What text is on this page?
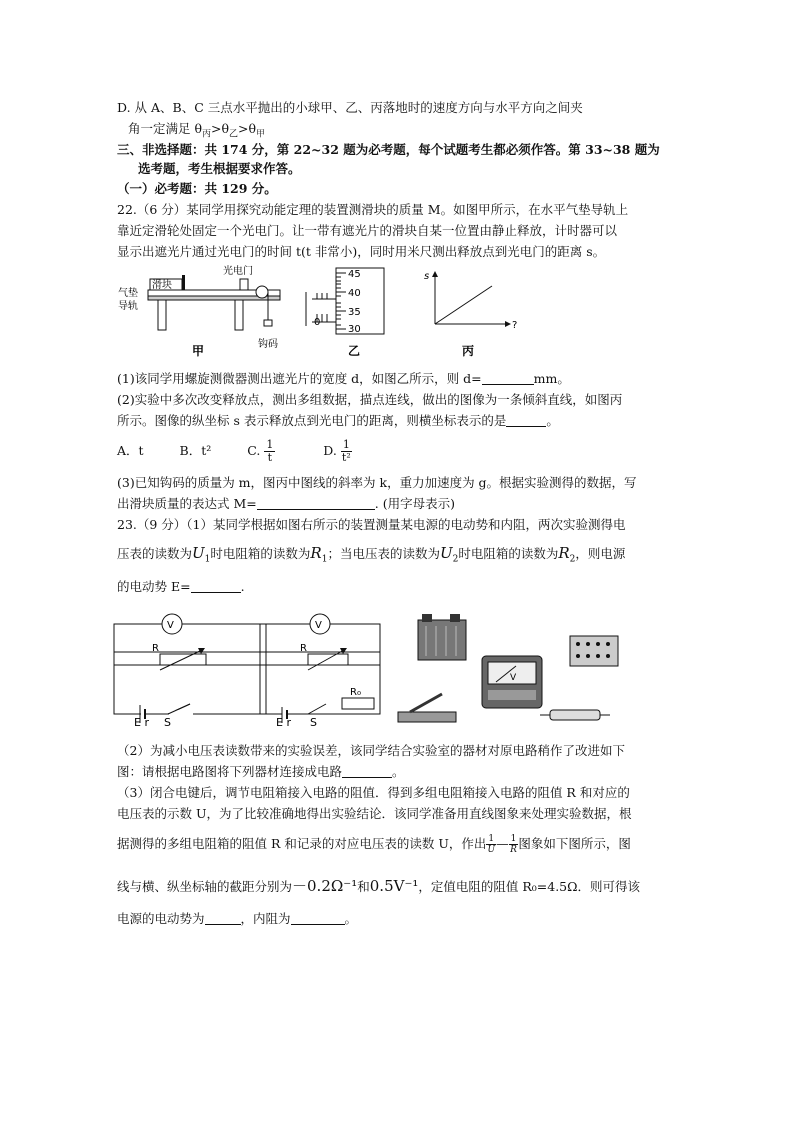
D. 从 A、B、C 三点水平抛出的小球甲、乙、丙落地时的速度方向与水平方向之间夹
角一定满足 $\theta_丙>\theta_乙>\theta_甲$
三、非选择题：共 174 分，第 22~32 题为必考题，每个试题考生都必须作答。第 33~38 题为
选考题，考生根据要求作答。
（一）必考题：共 129 分。
22.（6 分）某同学用探究动能定理的装置测滑块的质量 M。如图甲所示，在水平气垫导轨上
靠近定滑轮处固定一个光电门。让一带有遮光片的滑块自某一位置由静止释放，计时器可以
显示出遮光片通过光电门的时间 t(t 非常小)，同时用米尺测出释放点到光电门的距离 s。
滑块
光电门
气垫
导轨
钩码
甲
0
45
40
35
30
乙
s
?
丙
(1)该同学用螺旋测微器测出遮光片的宽度 d，如图乙所示，则 d=	mm。
(2)实验中多次改变释放点，测出多组数据，描点连线，做出的图像为一条倾斜直线，如图丙
所示。图像的纵坐标 s 表示释放点到光电门的距离，则横坐标表示的是	。
A．t	B．t²	C. $\frac{1}{t}$	D. $\frac{1}{\text{t²}}$
(3)已知钩码的质量为 m，图丙中图线的斜率为 k，重力加速度为 g。根据实验测得的数据，写
出滑块质量的表达式 M=	. (用字母表示)
23.（9 分）（1）某同学根据如图右所示的装置测量某电源的电动势和内阻，两次实验测得电
压表的读数为$U_1$时电阻箱的读数为$R_1$；当电压表的读数为$U_2$时电阻箱的读数为$R_2$，则电源
的电动势 E=	.
V
R
E r S
V
R
R₀
E r S
V
（2）为减小电压表读数带来的实验误差，该同学结合实验室的器材对原电路稍作了改进如下
图：请根据电路图将下列器材连接成电路	。
（3）闭合电键后，调节电阻箱接入电路的阻值．得到多组电阻箱接入电路的阻值 R 和对应的
电压表的示数 U，为了比较准确地得出实验结论．该同学准备用直线图象来处理实验数据，根
据测得的多组电阻箱的阻值 R 和记录的对应电压表的读数 U，作出 $\frac{1}{U}$ — $\frac{1}{R}$ 图象如下图所示，图
线与横、纵坐标轴的截距分别为－0.2Ω⁻¹和0.5V⁻¹，定值电阻的阻值 R₀=4.5Ω．则可得该
电源的电动势为	，内阻为	。
